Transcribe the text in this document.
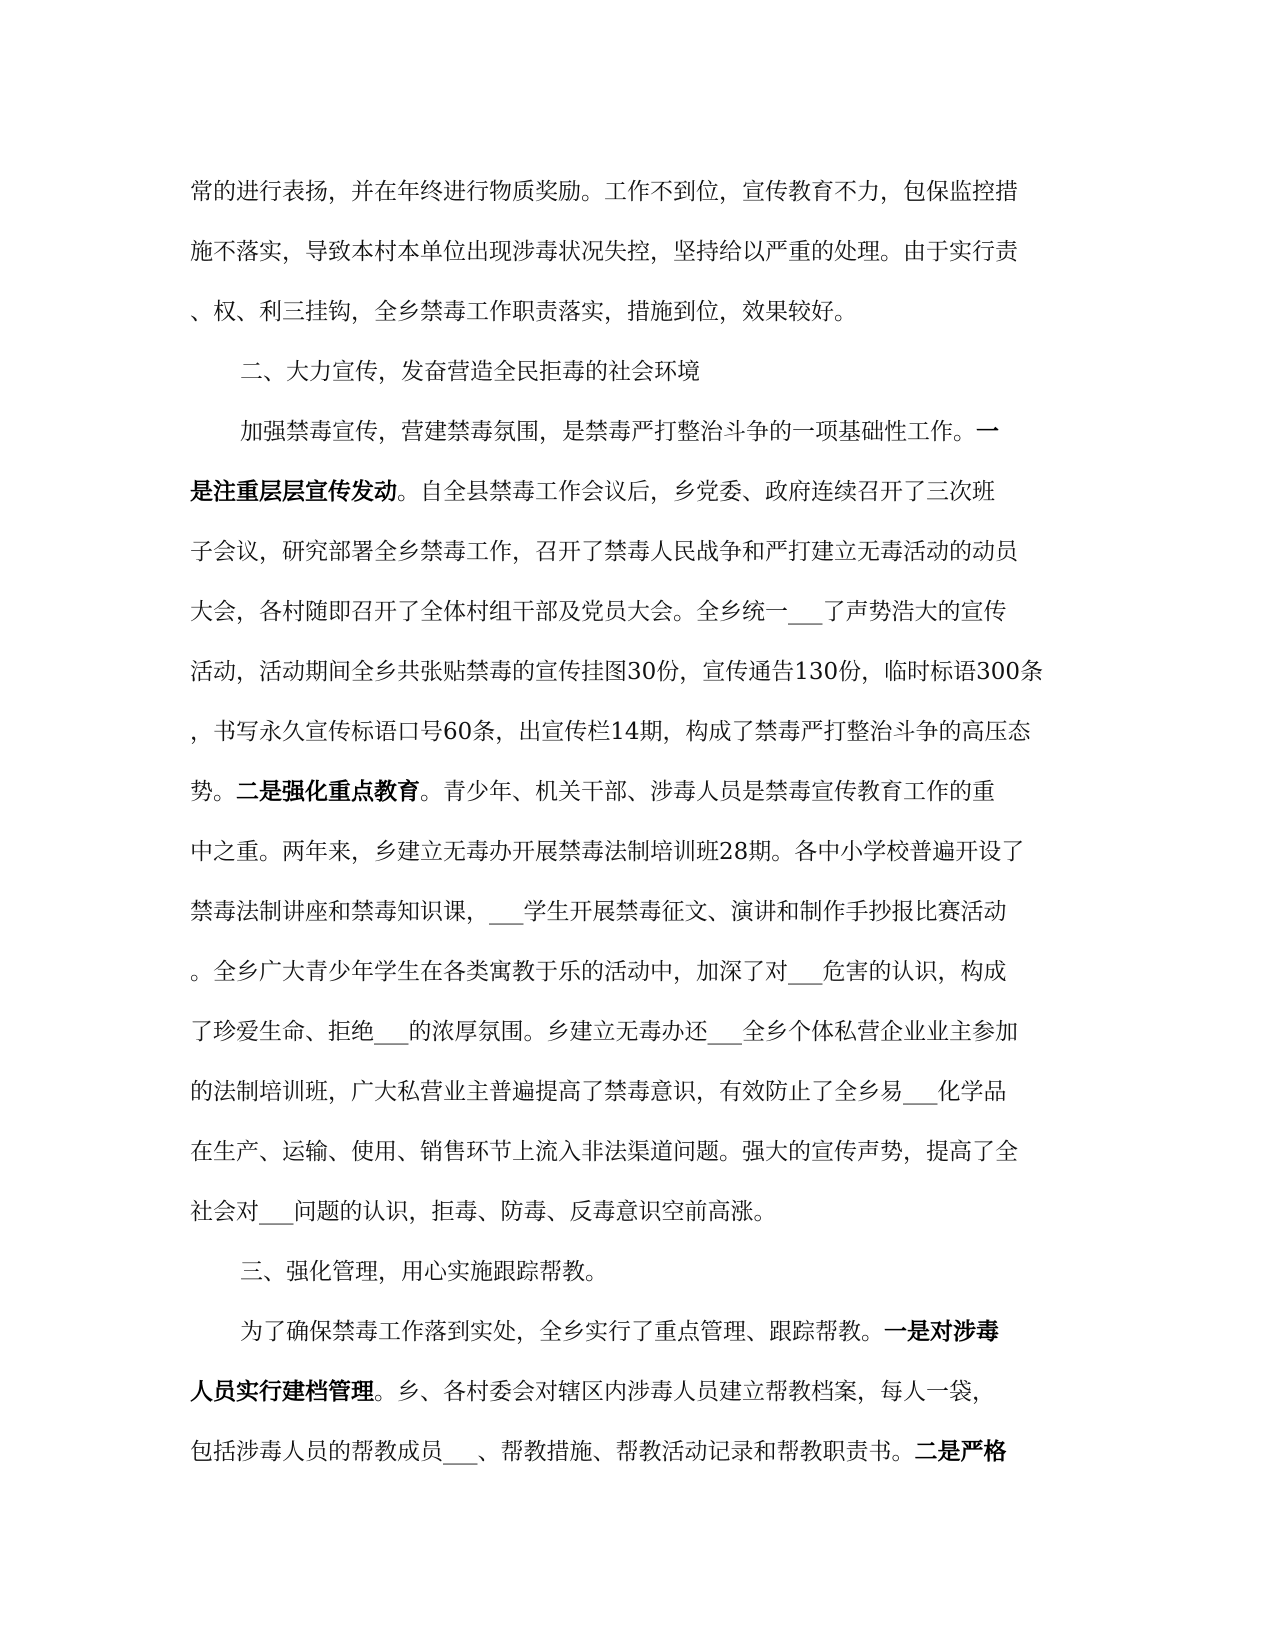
常的进行表扬，并在年终进行物质奖励。工作不到位，宣传教育不力，包保监控措
施不落实，导致本村本单位出现涉毒状况失控，坚持给以严重的处理。由于实行责
、权、利三挂钩，全乡禁毒工作职责落实，措施到位，效果较好。
二、大力宣传，发奋营造全民拒毒的社会环境
加强禁毒宣传，营建禁毒氛围，是禁毒严打整治斗争的一项基础性工作。一
是注重层层宣传发动。自全县禁毒工作会议后，乡党委、政府连续召开了三次班
子会议，研究部署全乡禁毒工作，召开了禁毒人民战争和严打建立无毒活动的动员
大会，各村随即召开了全体村组干部及党员大会。全乡统一___了声势浩大的宣传
活动，活动期间全乡共张贴禁毒的宣传挂图30份，宣传通告130份，临时标语300条
，书写永久宣传标语口号60条，出宣传栏14期，构成了禁毒严打整治斗争的高压态
势。二是强化重点教育。青少年、机关干部、涉毒人员是禁毒宣传教育工作的重
中之重。两年来，乡建立无毒办开展禁毒法制培训班28期。各中小学校普遍开设了
禁毒法制讲座和禁毒知识课，___学生开展禁毒征文、演讲和制作手抄报比赛活动
。全乡广大青少年学生在各类寓教于乐的活动中，加深了对___危害的认识，构成
了珍爱生命、拒绝___的浓厚氛围。乡建立无毒办还___全乡个体私营企业业主参加
的法制培训班，广大私营业主普遍提高了禁毒意识，有效防止了全乡易___化学品
在生产、运输、使用、销售环节上流入非法渠道问题。强大的宣传声势，提高了全
社会对___问题的认识，拒毒、防毒、反毒意识空前高涨。
三、强化管理，用心实施跟踪帮教。
为了确保禁毒工作落到实处，全乡实行了重点管理、跟踪帮教。一是对涉毒
人员实行建档管理。乡、各村委会对辖区内涉毒人员建立帮教档案，每人一袋，
包括涉毒人员的帮教成员___、帮教措施、帮教活动记录和帮教职责书。二是严格
